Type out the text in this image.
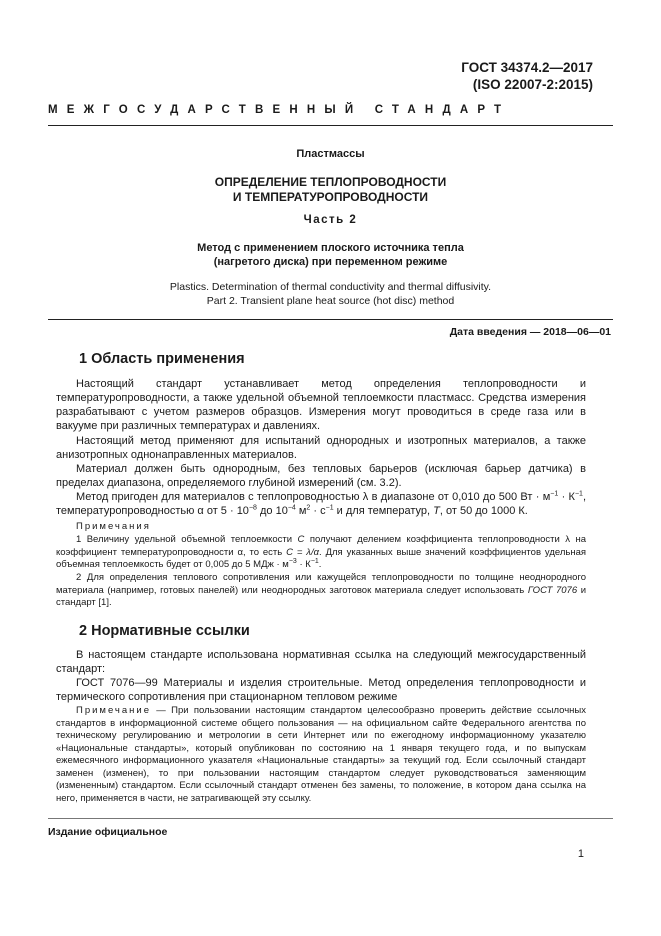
ГОСТ 34374.2—2017
(ISO 22007-2:2015)
МЕЖГОСУДАРСТВЕННЫЙ СТАНДАРТ
Пластмассы
ОПРЕДЕЛЕНИЕ ТЕПЛОПРОВОДНОСТИ
И ТЕМПЕРАТУРОПРОВОДНОСТИ
Часть 2
Метод с применением плоского источника тепла
(нагретого диска) при переменном режиме
Plastics. Determination of thermal conductivity and thermal diffusivity.
Part 2. Transient plane heat source (hot disc) method
Дата введения — 2018—06—01
1 Область применения
Настоящий стандарт устанавливает метод определения теплопроводности и температуропроводности, а также удельной объемной теплоемкости пластмасс. Средства измерения разрабатывают с учетом размеров образцов. Измерения могут проводиться в среде газа или в вакууме при различных температурах и давлениях.
Настоящий метод применяют для испытаний однородных и изотропных материалов, а также анизотропных однонаправленных материалов.
Материал должен быть однородным, без тепловых барьеров (исключая барьер датчика) в пределах диапазона, определяемого глубиной измерений (см. 3.2).
Метод пригоден для материалов с теплопроводностью λ в диапазоне от 0,010 до 500 Вт · $м^{-1} \cdot К^{-1}$, температуропроводностью α от $5 \cdot 10^{-8}$ до $10^{-4}$ $м^2 \cdot с^{-1}$ и для температур, T, от 50 до 1000 К.
Примечания
1 Величину удельной объемной теплоемкости C получают делением коэффициента теплопроводности λ на коэффициент температуропроводности α, то есть C = λ/α. Для указанных выше значений коэффициентов удельная объемная теплоемкость будет от 0,005 до 5 МДж · $м^{-3} \cdot К^{-1}$.
2 Для определения теплового сопротивления или кажущейся теплопроводности по толщине неоднородного материала (например, готовых панелей) или неоднородных заготовок материала следует использовать ГОСТ 7076 и стандарт [1].
2 Нормативные ссылки
В настоящем стандарте использована нормативная ссылка на следующий межгосударственный стандарт:
ГОСТ 7076—99 Материалы и изделия строительные. Метод определения теплопроводности и термического сопротивления при стационарном тепловом режиме
Примечание — При пользовании настоящим стандартом целесообразно проверить действие ссылочных стандартов в информационной системе общего пользования — на официальном сайте Федерального агентства по техническому регулированию и метрологии в сети Интернет или по ежегодному информационному указателю «Национальные стандарты», который опубликован по состоянию на 1 января текущего года, и по выпускам ежемесячного информационного указателя «Национальные стандарты» за текущий год. Если ссылочный стандарт заменен (изменен), то при пользовании настоящим стандартом следует руководствоваться заменяющим (измененным) стандартом. Если ссылочный стандарт отменен без замены, то положение, в котором дана ссылка на него, применяется в части, не затрагивающей эту ссылку.
Издание официальное
1
